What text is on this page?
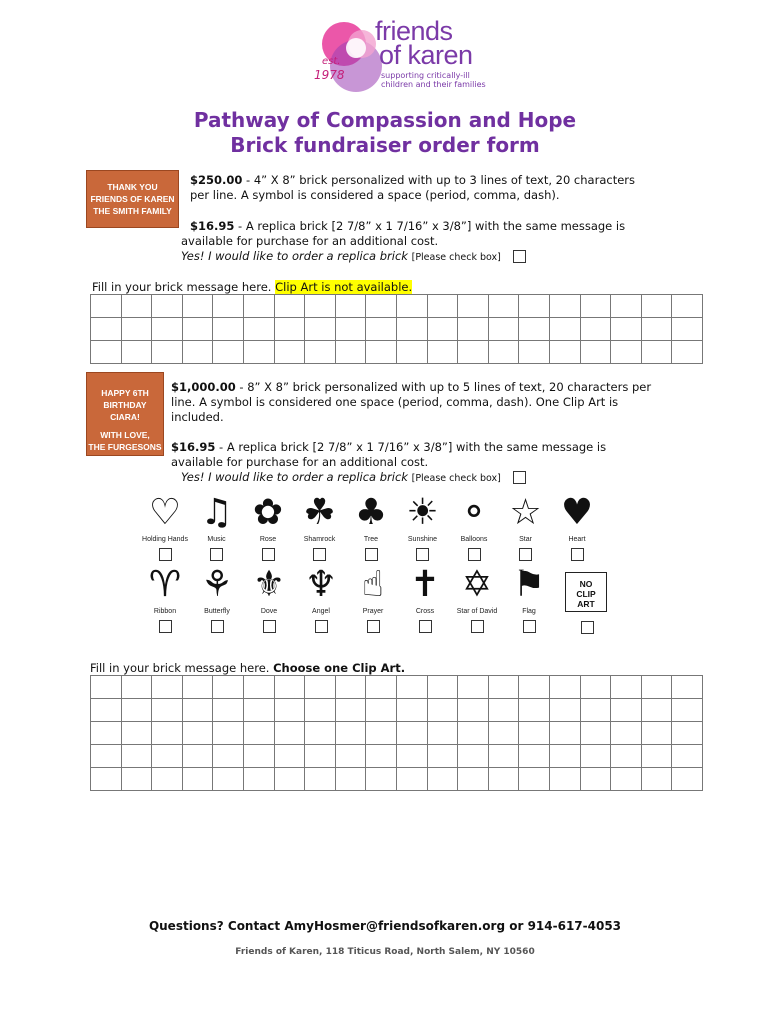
friends
of karen
supporting critically-ill
children and their families
est.
1978
Pathway of Compassion and Hope
Brick fundraiser order form
THANK YOU
FRIENDS OF KAREN
THE SMITH FAMILY
$250.00 - 4” X 8” brick personalized with up to 3 lines of text, 20 characters
per line. A symbol is considered a space (period, comma, dash).
$16.95 - A replica brick [2 7/8” x 1 7/16” x 3/8”] with the same message is
available for purchase for an additional cost.
Yes! I would like to order a replica brick [Please check box]
Fill in your brick message here. Clip Art is not available.

HAPPY 6TH
BIRTHDAY
CIARA!
WITH LOVE,
THE FURGESONS
$1,000.00 - 8” X 8” brick personalized with up to 5 lines of text, 20 characters per
line. A symbol is considered one space (period, comma, dash). One Clip Art is
included.
$16.95 - A replica brick [2 7/8” x 1 7/16” x 3/8”] with the same message is
available for purchase for an additional cost.
Yes! I would like to order a replica brick [Please check box]
♡
Holding Hands
♫
Music
✿
Rose
☘
Shamrock
♣
Tree
☀
Sunshine
⚬
Balloons
☆
Star
♥
Heart
♈
Ribbon
⚘
Butterfly
⚜
Dove
♆
Angel
☝
Prayer
✝
Cross
✡
Star of David
⚑
Flag
NO
CLIP
ART
Fill in your brick message here. Choose one Clip Art.

Questions? Contact AmyHosmer@friendsofkaren.org or 914-617-4053
Friends of Karen, 118 Titicus Road, North Salem, NY 10560
